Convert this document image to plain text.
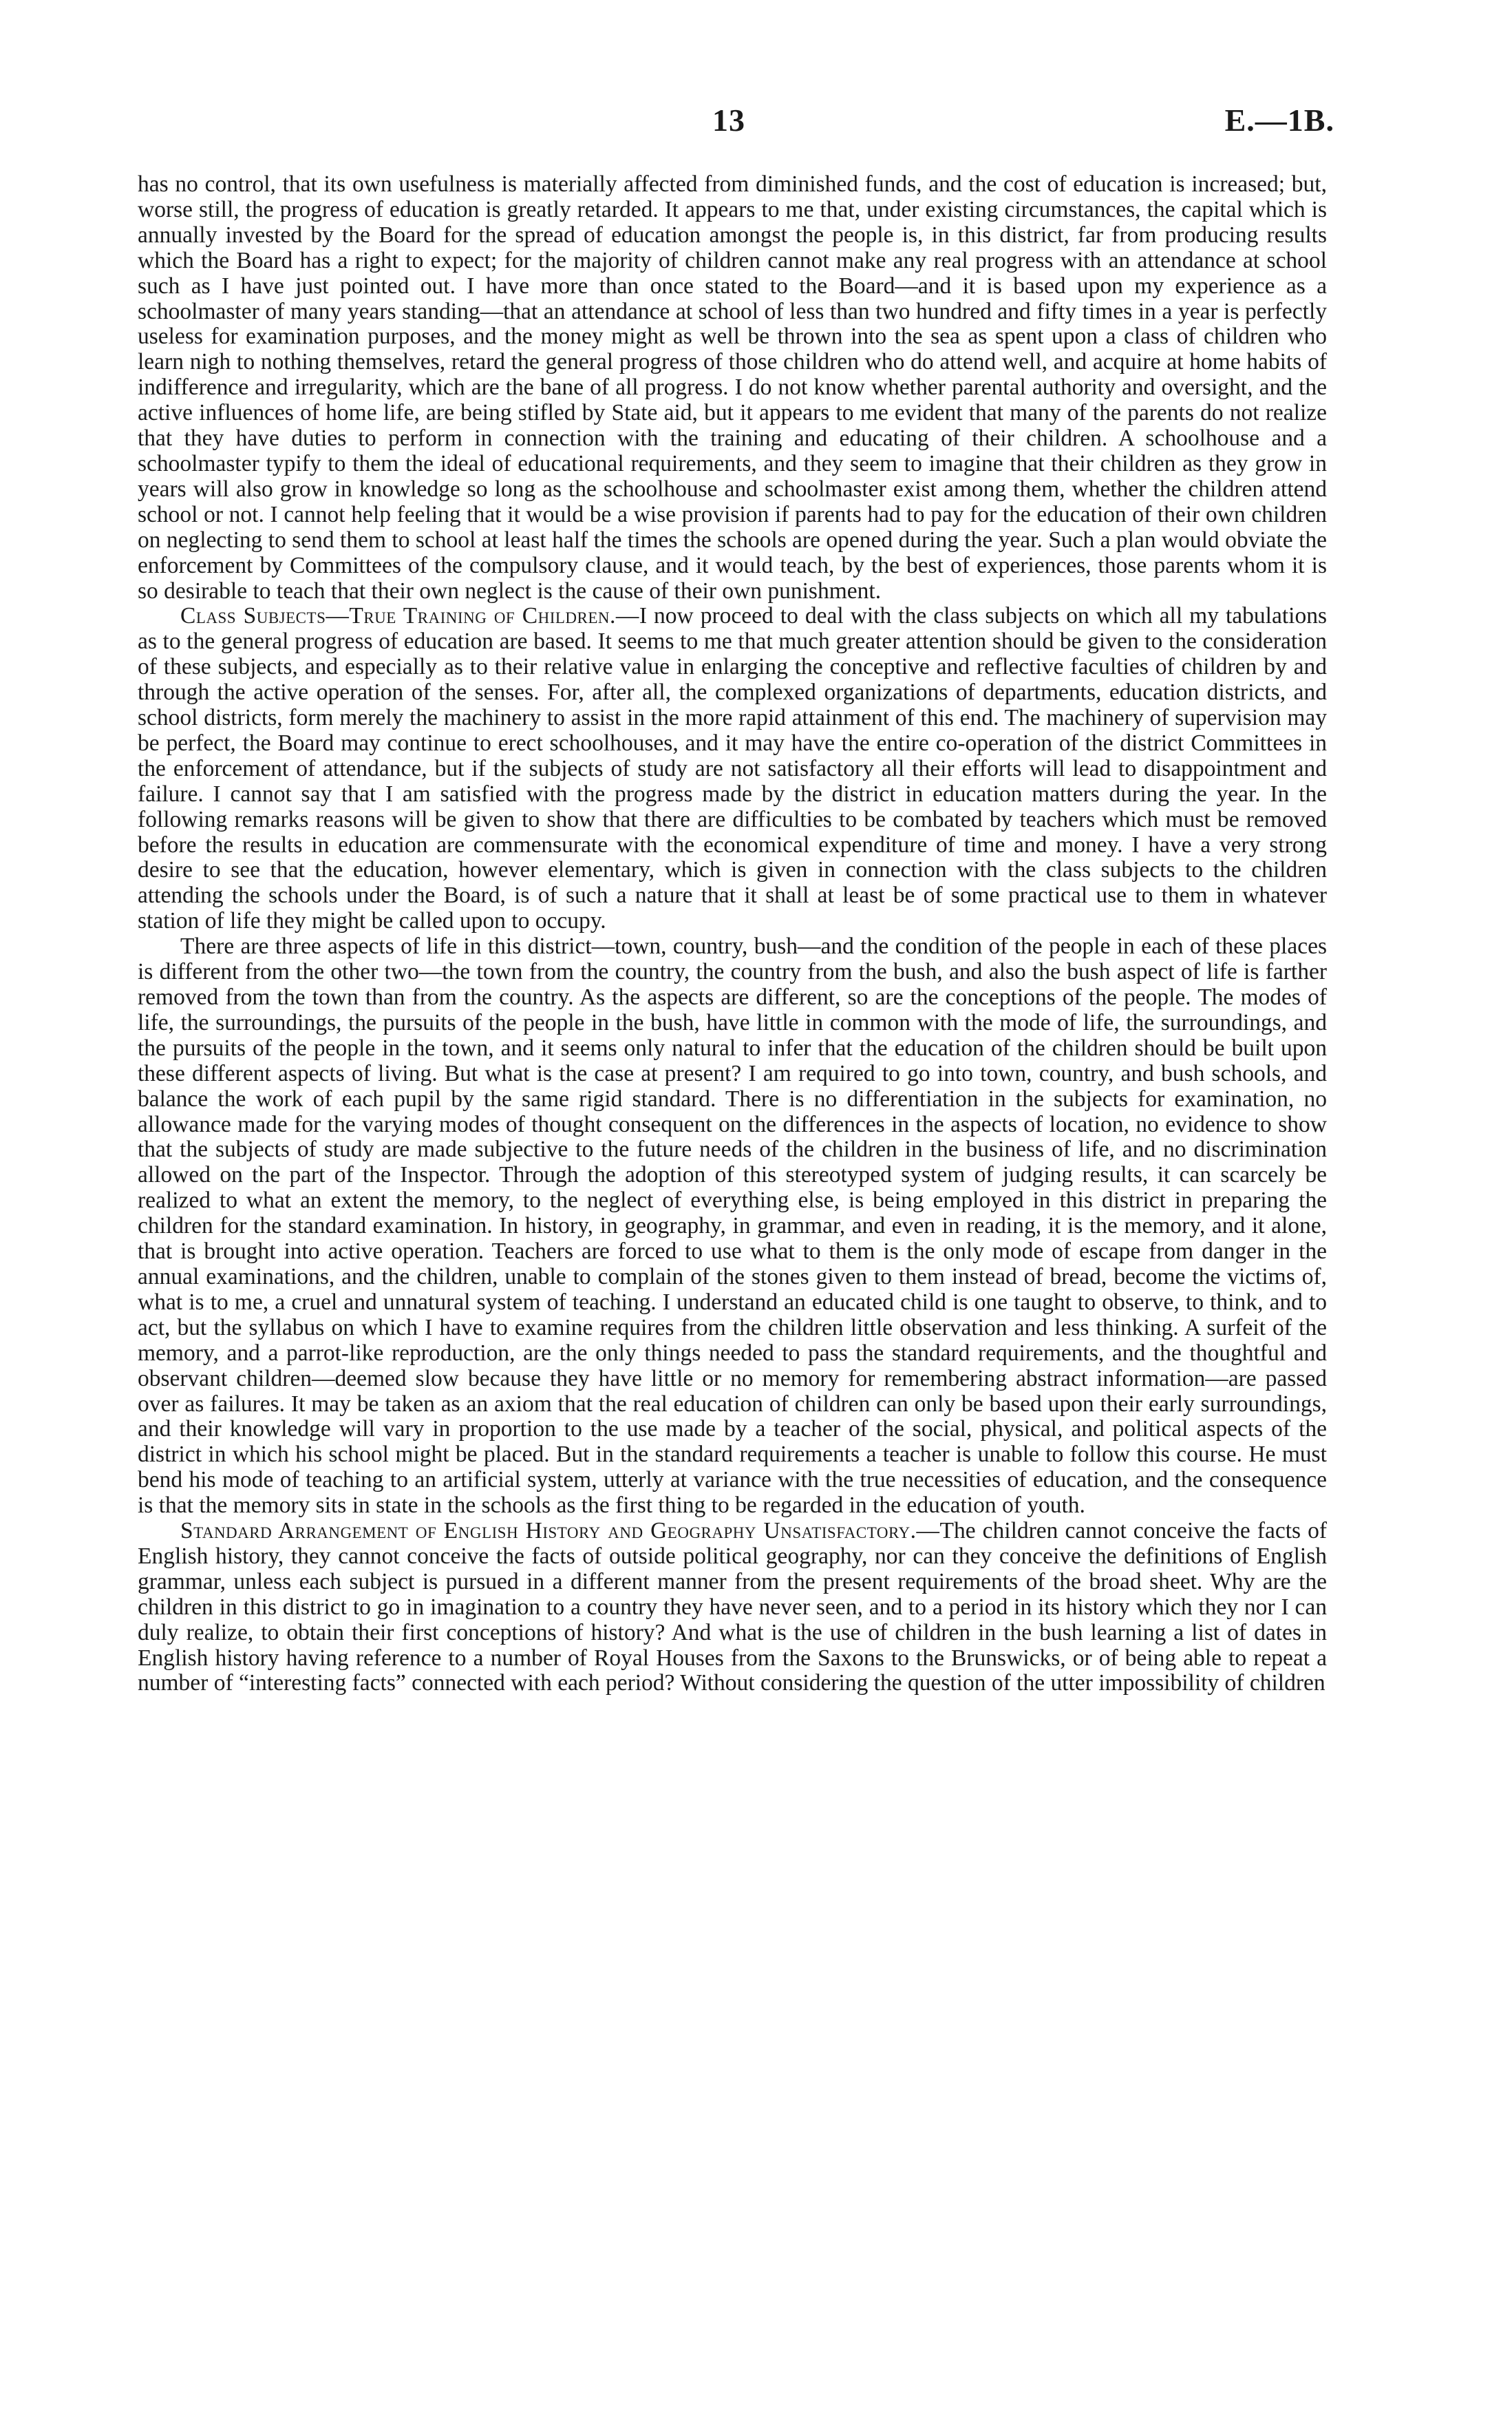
13	E.—1B.

has no control, that its own usefulness is materially affected from diminished funds, and the cost of education is increased; but, worse still, the progress of education is greatly retarded. It appears to me that, under existing circumstances, the capital which is annually invested by the Board for the spread of education amongst the people is, in this district, far from producing results which the Board has a right to expect; for the majority of children cannot make any real progress with an attendance at school such as I have just pointed out. I have more than once stated to the Board—and it is based upon my experience as a schoolmaster of many years standing—that an attendance at school of less than two hundred and fifty times in a year is perfectly useless for examination purposes, and the money might as well be thrown into the sea as spent upon a class of children who learn nigh to nothing themselves, retard the general progress of those children who do attend well, and acquire at home habits of indifference and irregularity, which are the bane of all progress. I do not know whether parental authority and oversight, and the active influences of home life, are being stifled by State aid, but it appears to me evident that many of the parents do not realize that they have duties to perform in connection with the training and educating of their children. A schoolhouse and a schoolmaster typify to them the ideal of educational requirements, and they seem to imagine that their children as they grow in years will also grow in knowledge so long as the schoolhouse and schoolmaster exist among them, whether the children attend school or not. I cannot help feeling that it would be a wise provision if parents had to pay for the education of their own children on neglecting to send them to school at least half the times the schools are opened during the year. Such a plan would obviate the enforcement by Committees of the compulsory clause, and it would teach, by the best of experiences, those parents whom it is so desirable to teach that their own neglect is the cause of their own punishment.

Class Subjects—True Training of Children.—I now proceed to deal with the class subjects on which all my tabulations as to the general progress of education are based. It seems to me that much greater attention should be given to the consideration of these subjects, and especially as to their relative value in enlarging the conceptive and reflective faculties of children by and through the active operation of the senses. For, after all, the complexed organizations of departments, education districts, and school districts, form merely the machinery to assist in the more rapid attainment of this end. The machinery of supervision may be perfect, the Board may continue to erect schoolhouses, and it may have the entire co-operation of the district Committees in the enforcement of attendance, but if the subjects of study are not satisfactory all their efforts will lead to disappointment and failure. I cannot say that I am satisfied with the progress made by the district in education matters during the year. In the following remarks reasons will be given to show that there are difficulties to be combated by teachers which must be removed before the results in education are commensurate with the economical expenditure of time and money. I have a very strong desire to see that the education, however elementary, which is given in connection with the class subjects to the children attending the schools under the Board, is of such a nature that it shall at least be of some practical use to them in whatever station of life they might be called upon to occupy.

There are three aspects of life in this district—town, country, bush—and the condition of the people in each of these places is different from the other two—the town from the country, the country from the bush, and also the bush aspect of life is farther removed from the town than from the country. As the aspects are different, so are the conceptions of the people. The modes of life, the surroundings, the pursuits of the people in the bush, have little in common with the mode of life, the surroundings, and the pursuits of the people in the town, and it seems only natural to infer that the education of the children should be built upon these different aspects of living. But what is the case at present? I am required to go into town, country, and bush schools, and balance the work of each pupil by the same rigid standard. There is no differentiation in the subjects for examination, no allowance made for the varying modes of thought consequent on the differences in the aspects of location, no evidence to show that the subjects of study are made subjective to the future needs of the children in the business of life, and no discrimination allowed on the part of the Inspector. Through the adoption of this stereotyped system of judging results, it can scarcely be realized to what an extent the memory, to the neglect of everything else, is being employed in this district in preparing the children for the standard examination. In history, in geography, in grammar, and even in reading, it is the memory, and it alone, that is brought into active operation. Teachers are forced to use what to them is the only mode of escape from danger in the annual examinations, and the children, unable to complain of the stones given to them instead of bread, become the victims of, what is to me, a cruel and unnatural system of teaching. I understand an educated child is one taught to observe, to think, and to act, but the syllabus on which I have to examine requires from the children little observation and less thinking. A surfeit of the memory, and a parrot-like reproduction, are the only things needed to pass the standard requirements, and the thoughtful and observant children—deemed slow because they have little or no memory for remembering abstract information—are passed over as failures. It may be taken as an axiom that the real education of children can only be based upon their early surroundings, and their knowledge will vary in proportion to the use made by a teacher of the social, physical, and political aspects of the district in which his school might be placed. But in the standard requirements a teacher is unable to follow this course. He must bend his mode of teaching to an artificial system, utterly at variance with the true necessities of education, and the consequence is that the memory sits in state in the schools as the first thing to be regarded in the education of youth.

Standard Arrangement of English History and Geography Unsatisfactory.—The children cannot conceive the facts of English history, they cannot conceive the facts of outside political geography, nor can they conceive the definitions of English grammar, unless each subject is pursued in a different manner from the present requirements of the broad sheet. Why are the children in this district to go in imagination to a country they have never seen, and to a period in its history which they nor I can duly realize, to obtain their first conceptions of history? And what is the use of children in the bush learning a list of dates in English history having reference to a number of Royal Houses from the Saxons to the Brunswicks, or of being able to repeat a number of “interesting facts” connected with each period? Without considering the question of the utter impossibility of children
